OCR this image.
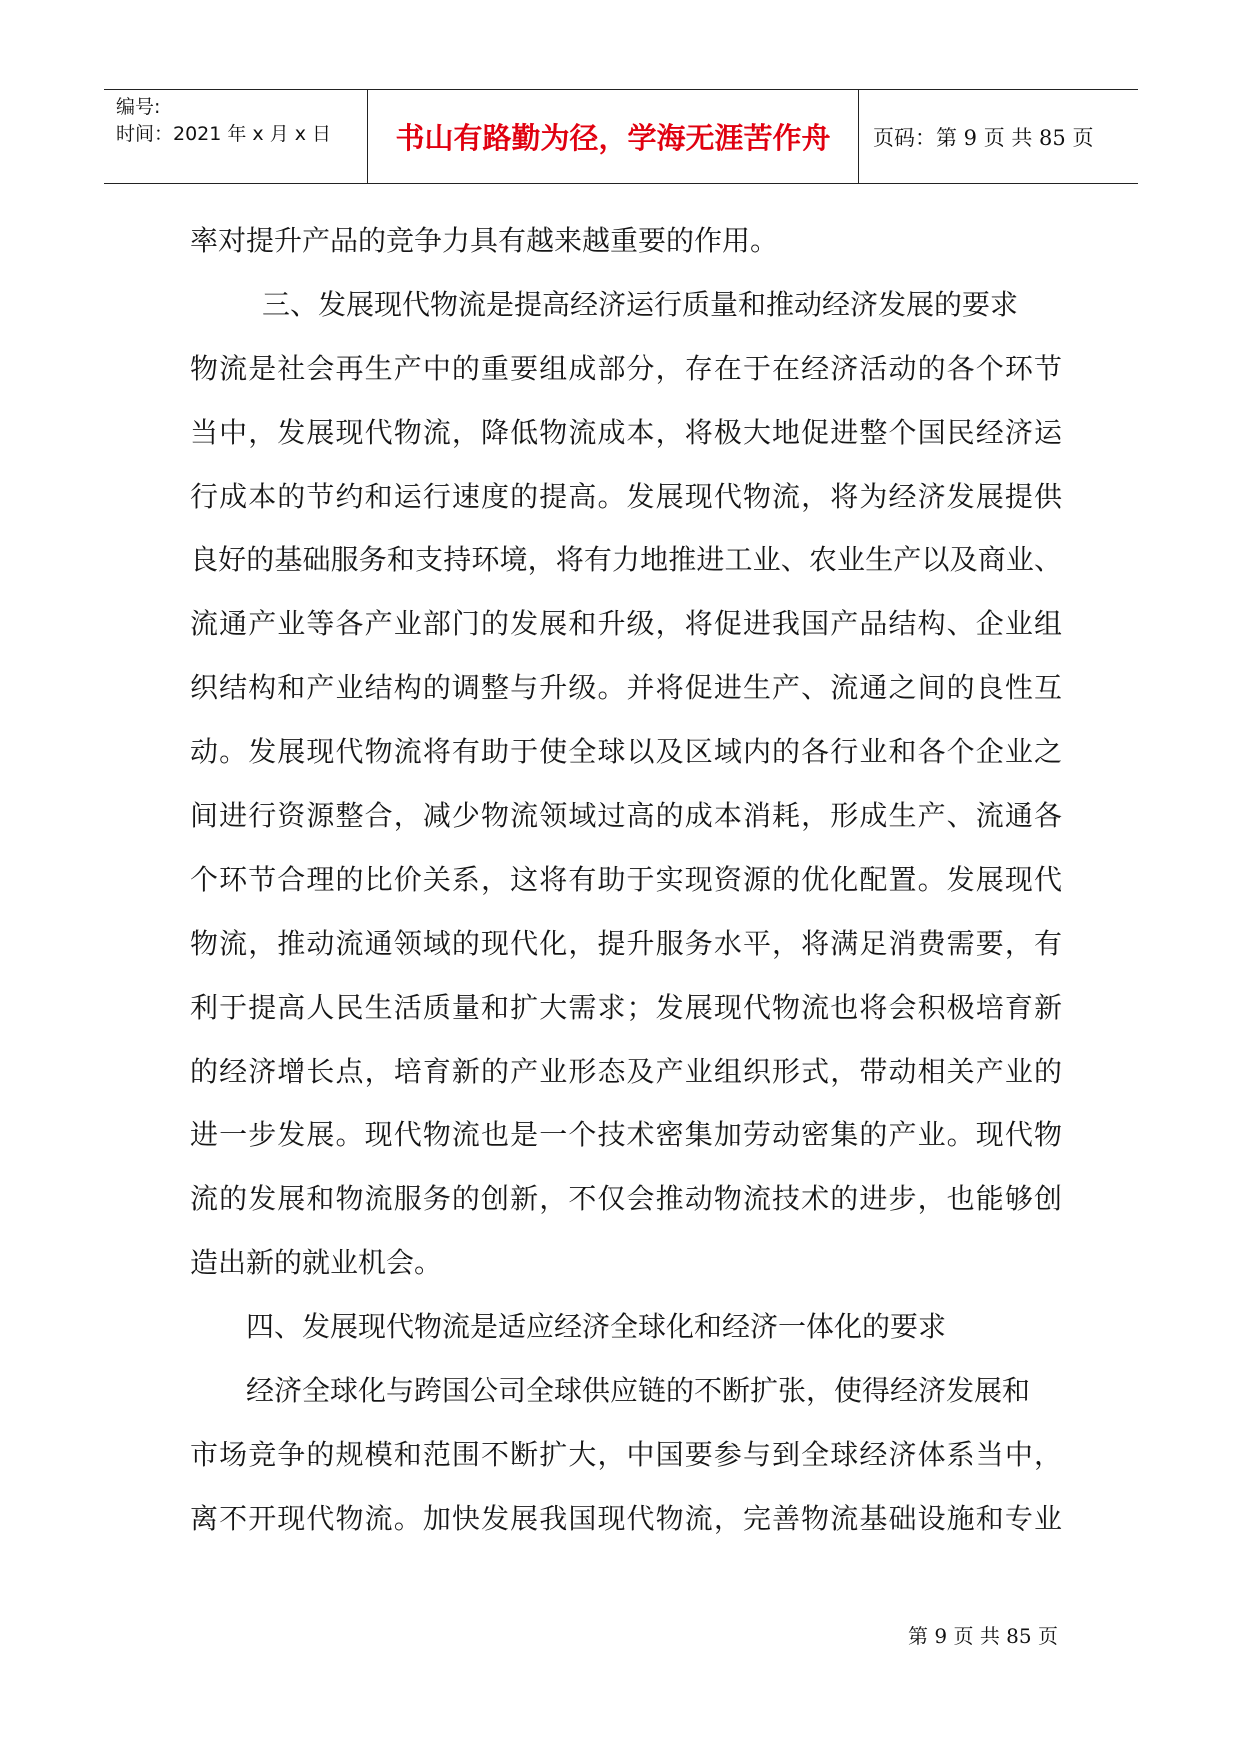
编号:
时间：2021 年 x 月 x 日	书山有路勤为径，学海无涯苦作舟 页码：第 9 页 共 85 页
率对提升产品的竞争力具有越来越重要的作用。
三、发展现代物流是提高经济运行质量和推动经济发展的要求
物流是社会再生产中的重要组成部分，存在于在经济活动的各个环节
当中，发展现代物流，降低物流成本，将极大地促进整个国民经济运
行成本的节约和运行速度的提高。发展现代物流，将为经济发展提供
良好的基础服务和支持环境，将有力地推进工业、农业生产以及商业、
流通产业等各产业部门的发展和升级，将促进我国产品结构、企业组
织结构和产业结构的调整与升级。并将促进生产、流通之间的良性互
动。发展现代物流将有助于使全球以及区域内的各行业和各个企业之
间进行资源整合，减少物流领域过高的成本消耗，形成生产、流通各
个环节合理的比价关系，这将有助于实现资源的优化配置。发展现代
物流，推动流通领域的现代化，提升服务水平，将满足消费需要，有
利于提高人民生活质量和扩大需求；发展现代物流也将会积极培育新
的经济增长点，培育新的产业形态及产业组织形式，带动相关产业的
进一步发展。现代物流也是一个技术密集加劳动密集的产业。现代物
流的发展和物流服务的创新，不仅会推动物流技术的进步，也能够创
造出新的就业机会。
四、发展现代物流是适应经济全球化和经济一体化的要求
经济全球化与跨国公司全球供应链的不断扩张，使得经济发展和
市场竞争的规模和范围不断扩大，中国要参与到全球经济体系当中，
离不开现代物流。加快发展我国现代物流，完善物流基础设施和专业
第 9 页 共 85 页
